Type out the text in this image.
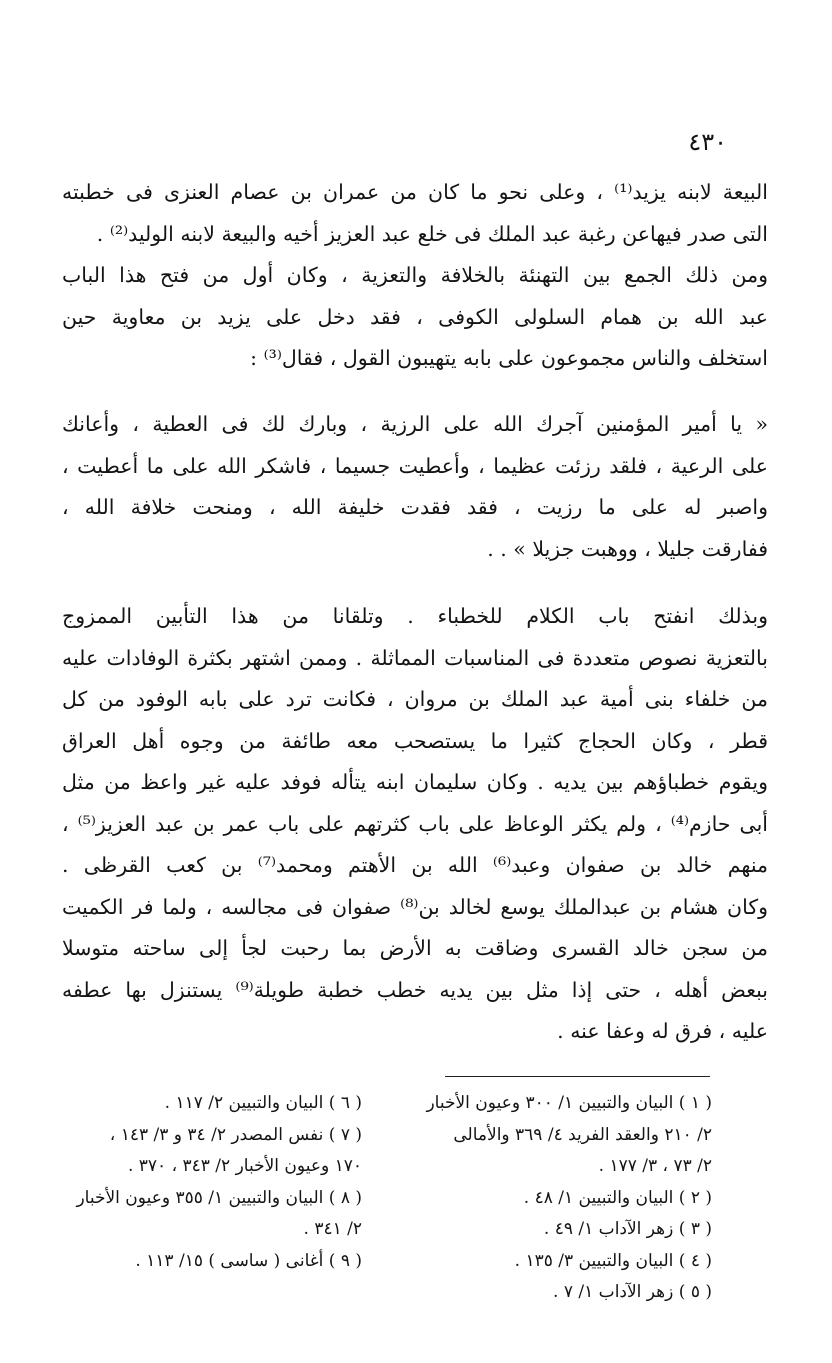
٤٣٠
البيعة لابنه يزيد⁽¹⁾ ، وعلى نحو ما كان من عمران بن عصام العنزى فى خطبته
التى صدر فيهاعن رغبة عبد الملك فى خلع عبد العزيز أخيه والبيعة لابنه الوليد⁽²⁾ .
ومن ذلك الجمع بين التهنئة بالخلافة والتعزية ، وكان أول من فتح هذا الباب
عبد الله بن همام السلولى الكوفى ، فقد دخل على يزيد بن معاوية حين
استخلف والناس مجموعون على بابه يتهيبون القول ، فقال⁽³⁾ :
« يا أمير المؤمنين آجرك الله على الرزية ، وبارك لك فى العطية ، وأعانك
على الرعية ، فلقد رزئت عظيما ، وأعطيت جسيما ، فاشكر الله على ما أعطيت ،
واصبر له على ما رزيت ، فقد فقدت خليفة الله ، ومنحت خلافة الله ،
ففارقت جليلا ، ووهبت جزيلا » . .
وبذلك انفتح باب الكلام للخطباء . وتلقانا من هذا التأبين الممزوج
بالتعزية نصوص متعددة فى المناسبات المماثلة . وممن اشتهر بكثرة الوفادات عليه
من خلفاء بنى أمية عبد الملك بن مروان ، فكانت ترد على بابه الوفود من كل
قطر ، وكان الحجاج كثيرا ما يستصحب معه طائفة من وجوه أهل العراق
ويقوم خطباؤهم بين يديه . وكان سليمان ابنه يتأله فوفد عليه غير واعظ من مثل
أبى حازم⁽⁴⁾ ، ولم يكثر الوعاظ على باب كثرتهم على باب عمر بن عبد العزيز⁽⁵⁾ ،
منهم خالد بن صفوان وعبد⁽⁶⁾ الله بن الأهتم ومحمد⁽⁷⁾ بن كعب القرظى .
وكان هشام بن عبدالملك يوسع لخالد بن⁽⁸⁾ صفوان فى مجالسه ، ولما فر الكميت
من سجن خالد القسرى وضاقت به الأرض بما رحبت لجأ إلى ساحته متوسلا
ببعض أهله ، حتى إذا مثل بين يديه خطب خطبة طويلة⁽⁹⁾ يستنزل بها عطفه
عليه ، فرق له وعفا عنه .
( ١ ) البيان والتبيين ١/ ٣٠٠ وعيون الأخبار
٢/ ٢١٠ والعقد الفريد ٤/ ٣٦٩ والأمالى
٢/ ٧٣ ، ٣/ ١٧٧ .
( ٢ ) البيان والتبيين ١/ ٤٨ .
( ٣ ) زهر الآداب ١/ ٤٩ .
( ٤ ) البيان والتبيين ٣/ ١٣٥ .
( ٥ ) زهر الآداب ١/ ٧ .
( ٦ ) البيان والتبيين ٢/ ١١٧ .
( ٧ ) نفس المصدر ٢/ ٣٤ و ٣/ ١٤٣ ،
١٧٠ وعيون الأخبار ٢/ ٣٤٣ ، ٣٧٠ .
( ٨ ) البيان والتبيين ١/ ٣٥٥ وعيون الأخبار
٢/ ٣٤١ .
( ٩ ) أغانى ( ساسى ) ١٥/ ١١٣ .
